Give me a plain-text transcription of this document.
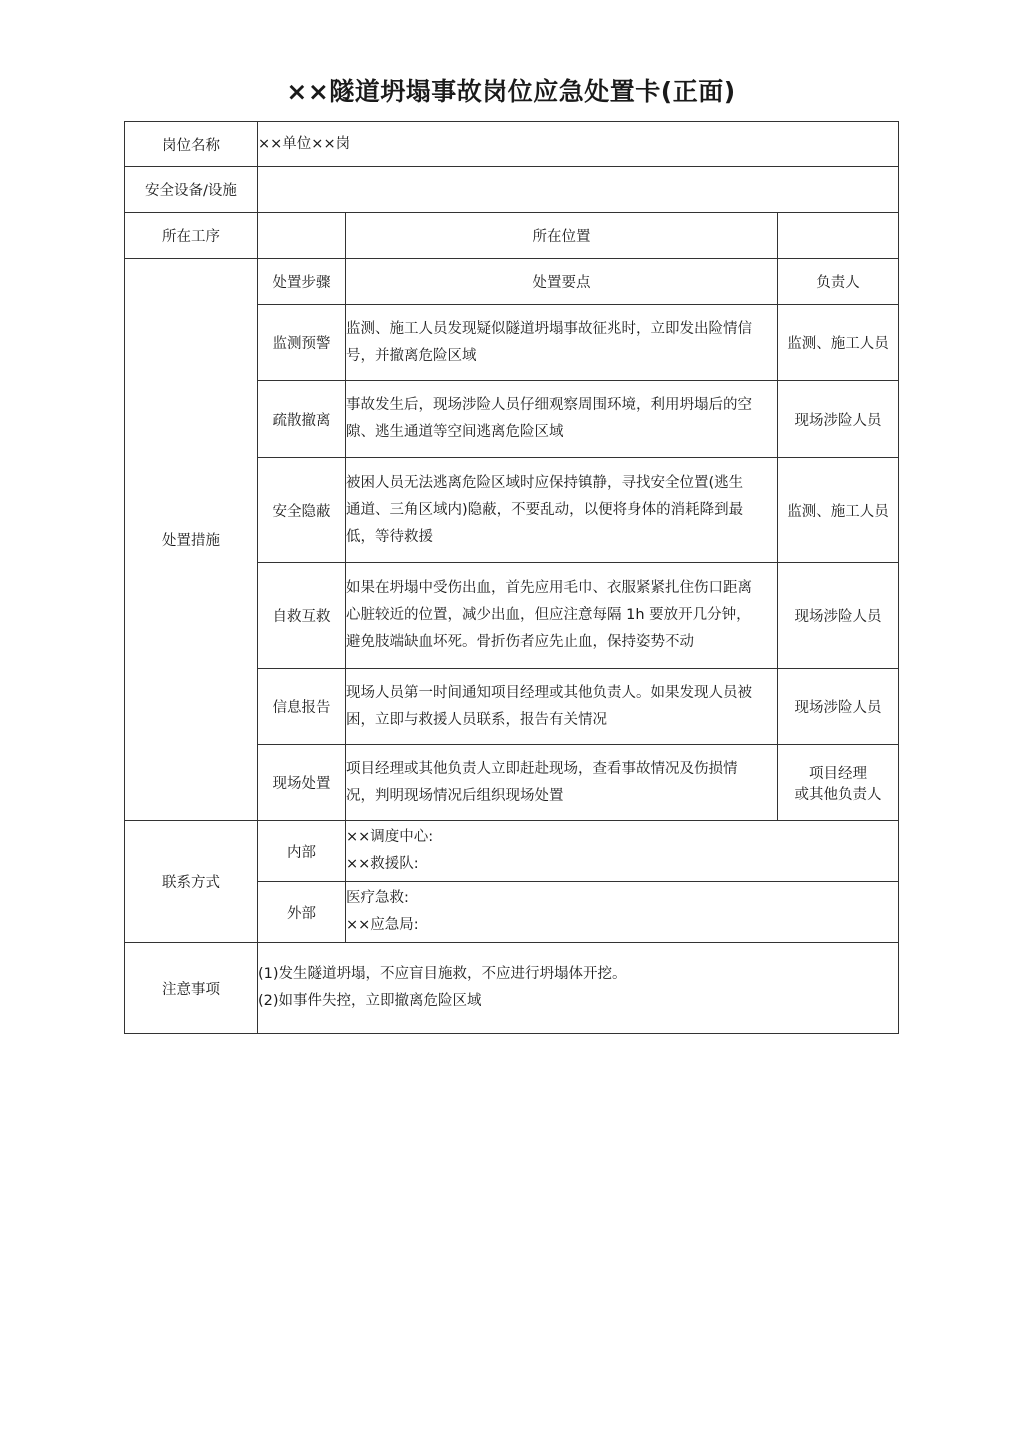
××隧道坍塌事故岗位应急处置卡(正面)
岗位名称	××单位××岗		
安全设备/设施			
所在工序		所在位置	
处置措施	处置步骤	处置要点	负责人
	监测预警	监测、施工人员发现疑似隧道坍塌事故征兆时，立即发出险情信
号，并撤离危险区域	监测、施工人员

	疏散撤离	事故发生后，现场涉险人员仔细观察周围环境，利用坍塌后的空
隙、逃生通道等空间逃离危险区域	现场涉险人员

	安全隐蔽	被困人员无法逃离危险区域时应保持镇静，寻找安全位置(逃生
通道、三角区域内)隐蔽，不要乱动，以便将身体的消耗降到最
低，等待救援	监测、施工人员

	自救互救	如果在坍塌中受伤出血，首先应用毛巾、衣服紧紧扎住伤口距离
心脏较近的位置，减少出血，但应注意每隔 1h 要放开几分钟，
避免肢端缺血坏死。骨折伤者应先止血，保持姿势不动	现场涉险人员

	信息报告	现场人员第一时间通知项目经理或其他负责人。如果发现人员被
困，立即与救援人员联系，报告有关情况	现场涉险人员

	现场处置	项目经理或其他负责人立即赶赴现场，查看事故情况及伤损情
况，判明现场情况后组织现场处置	项目经理
或其他负责人

联系方式	内部	××调度中心:
××救援队:	

	外部	医疗急救:
××应急局:	

注意事项	(1)发生隧道坍塌，不应盲目施救，不应进行坍塌体开挖。
(2)如事件失控，立即撤离危险区域		
